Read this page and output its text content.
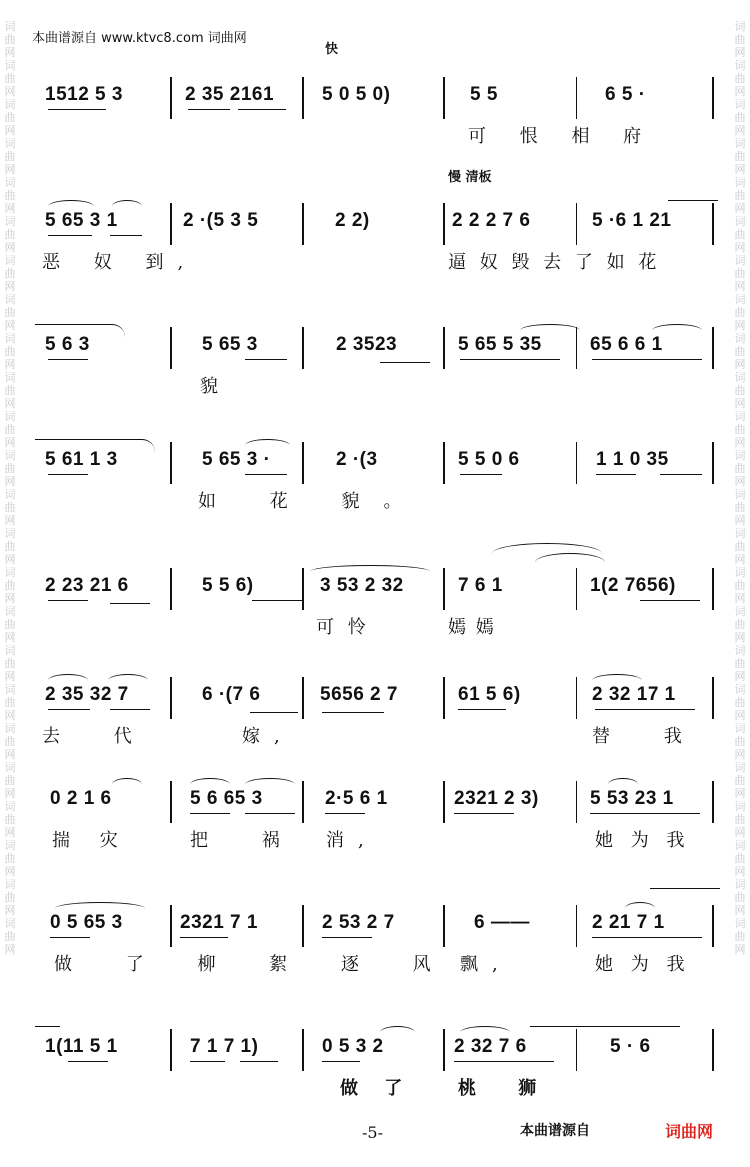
词曲网词曲网词曲网词曲网词曲网词曲网词曲网词曲网词曲网词曲网词曲网词曲网词曲网词曲网词曲网词曲网词曲网词曲网词曲网词曲网词曲网词曲网词曲网词曲网
词曲网词曲网词曲网词曲网词曲网词曲网词曲网词曲网词曲网词曲网词曲网词曲网词曲网词曲网词曲网词曲网词曲网词曲网词曲网词曲网词曲网词曲网词曲网词曲网
本曲谱源自 www.ktvc8.com 词曲网
快
慢 清板
1512 5 3	2 35 2161	5 0 5 0)	5 5	6 5 ·
可 恨 相 府
5 65 3 1	2 ·(5 3 5	2 2)	2 2 2 7 6	5 ·6 1 21
恶 奴 到,	逼 奴 毁 去 了 如 花
5 6 3	5 65 3	2 3523	5 65 5 35	65 6 6 1
貌
5 61 1 3	5 65 3 ·	2 ·(3	5 5 0 6	1 1 0 35
如 花 貌。
2 23 21 6	5 5 6)	3 53 2 32	7 6 1	1(2 7656)
可 怜	嫣 嫣
2 35 32 7	6 ·(7 6	5656 2 7	61 5 6)	2 32 17 1
去 代	嫁,	替 我
0 2 1 6	5 6 65 3	2·5 6 1	2321 2 3)	5 53 23 1
揣 灾	把 祸 消,	她 为 我
0 5 65 3	2321 7 1	2 53 2 7	6 ——	2 21 7 1
做 了 柳 絮 逐 风 飘,	她 为 我
1(11 5 1	7 1 7 1)	0 5 3 2	2 32 7 6	5 · 6
做 了	桃 狮
-5-	本曲谱源自	词曲网
